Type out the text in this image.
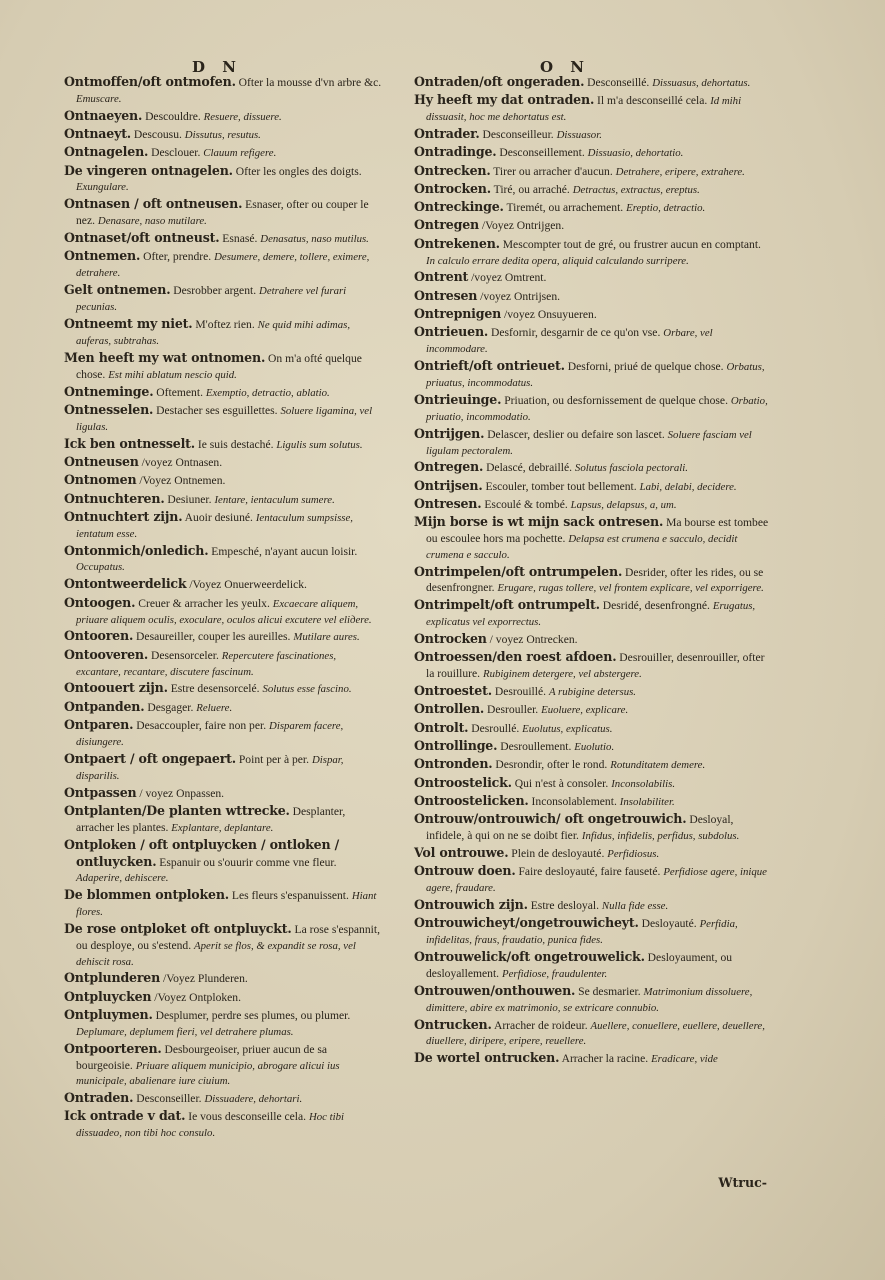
D N	O N

Ontmoffen/oft ontmofen. Ofter la mousse d'vn arbre &c. Emuscare.

Ontnaeyen. Descouldre. Resuere, dissuere.

Ontnaeyt. Descousu. Dissutus, resutus.

Ontnagelen. Desclouer. Clauum refigere.

De vingeren ontnagelen. Ofter les ongles des doigts. Exungulare.

Ontnasen / oft ontneusen. Esnaser, ofter ou couper le nez. Denasare, naso mutilare.

Ontnaset/oft ontneust. Esnasé. Denasatus, naso mutilus.

Ontnemen. Ofter, prendre. Desumere, demere, tollere, eximere, detrahere.

Gelt ontnemen. Desrobber argent. Detrahere vel furari pecunias.

Ontneemt my niet. M'oftez rien. Ne quid mihi adimas, auferas, subtrahas.

Men heeft my wat ontnomen. On m'a ofté quelque chose. Est mihi ablatum nescio quid.

Ontneminge. Oftement. Exemptio, detractio, ablatio.

Ontnesselen. Destacher ses esguillettes. Soluere ligamina, vel ligulas.

Ick ben ontnesselt. Ie suis destaché. Ligulis sum solutus.

Ontneusen /voyez Ontnasen.

Ontnomen /Voyez Ontnemen.

Ontnuchteren. Desiuner. Ientare, ientaculum sumere.

Ontnuchtert zijn. Auoir desiuné. Ientaculum sumpsisse, ientatum esse.

Ontonmich/onledich. Empesché, n'ayant aucun loisir. Occupatus.

Ontontweerdelick /Voyez Onuerweerdelick.

Ontoogen. Creuer & arracher les yeulx. Excaecare aliquem, priuare aliquem oculis, exoculare, oculos alicui excutere vel eliдere.

Ontooren. Desaureiller, couper les aureilles. Mutilare aures.

Ontooveren. Desensorceler. Repercutere fascinationes, excantare, recantare, discutere fascinum.

Ontoouert zijn. Estre desensorcelé. Solutus esse fascino.

Ontpanden. Desgager. Reluere.

Ontparen. Desaccoupler, faire non per. Disparem facere, disiungere.

Ontpaert / oft ongepaert. Point per à per. Dispar, disparilis.

Ontpassen / voyez Onpassen.

Ontplanten/De planten wttrecke. Desplanter, arracher les plantes. Explantare, deplantare.

Ontploken / oft ontpluycken / ontloken / ontluycken. Espanuir ou s'ouurir comme vne fleur. Adaperire, dehiscere.

De blommen ontploken. Les fleurs s'espanuissent. Hiant flores.

De rose ontploket oft ontpluyckt. La rose s'espannit, ou desployе, ou s'estend. Aperit se flos, & expandit se rosa, vel dehiscit rosa.

Ontplunderen /Voyez Plunderen.

Ontpluycken /Voyez Ontploken.

Ontpluymen. Desplumer, perdre ses plumes, ou plumer. Deplumare, deplumem fieri, vel detrahere plumas.

Ontpoorteren. Desbourgeoiser, priuer aucun de sa bourgeoisie. Priuare aliquem municipio, abrogare alicui ius municipale, abalienare iure ciuium.

Ontraden. Desconseiller. Dissuadere, dehortari.

Ick ontrade v dat. Ie vous desconseille cela. Hoc tibi dissuadeo, non tibi hoc consulo.

Ontraden/oft ongeraden. Desconseillé. Dissuasus, dehortatus.

Hy heeft my dat ontraden. Il m'a desconseillé cela. Id mihi dissuasit, hoc me dehortatus est.

Ontrader. Desconseilleur. Dissuasor.

Ontradinge. Desconseillement. Dissuasio, dehortatio.

Ontrecken. Tirer ou arracher d'aucun. Detrahere, eripere, extrahere.

Ontrocken. Tiré, ou arraché. Detractus, extractus, ereptus.

Ontreckinge. Tiremét, ou arrachement. Ereptio, detractio.

Ontregen /Voyez Ontrijgen.

Ontrekenen. Mescompter tout de gré, ou frustrer aucun en comptant. In calculo errare dedita opera, aliquid calculando surripere.

Ontrent /voyez Omtrent.

Ontresen /voyez Ontrijsen.

Ontrepnigen /voyez Onsuyueren.

Ontrieuen. Desfornir, desgarnir de ce qu'on vse. Orbare, vel incommodare.

Ontrieft/oft ontrieuet. Desforni, priué de quelque chose. Orbatus, priuatus, incommodatus.

Ontrieuinge. Priuation, ou desfornissement de quelque chose. Orbatio, priuatio, incommodatio.

Ontrijgen. Delascer, deslier ou defaire son lascet. Soluere fasciam vel ligulam pectoralem.

Ontregen. Delascé, debraillé. Solutus fasciola pectorali.

Ontrijsen. Escouler, tomber tout bellement. Labi, delabi, decidere.

Ontresen. Escoulé & tombé. Lapsus, delapsus, a, um.

Mijn borse is wt mijn sack ontresen. Ma bourse est tombee ou escoulee hors ma pochette. Delapsa est crumena e sacculo, decidit crumena e sacculo.

Ontrimpelen/oft ontrumpelen. Desrider, ofter les rides, ou se desenfrongner. Erugare, rugas tollere, vel frontem explicare, vel exporrigere.

Ontrimpelt/oft ontrumpelt. Desridé, desenfrongné. Erugatus, explicatus vel exporrectus.

Ontrocken / voyez Ontrecken.

Ontroessen/den roest afdoen. Desrouiller, desenrouiller, ofter la rouillure. Rubiginem detergere, vel abstergere.

Ontroestet. Desrouillé. A rubigine detersus.

Ontrollen. Desrouller. Euoluere, explicare.

Ontrolt. Desroullé. Euolutus, explicatus.

Ontrollinge. Desroullement. Euolutio.

Ontronden. Desrondir, ofter le rond. Rotunditatem demere.

Ontroostelick. Qui n'est à consoler. Inconsolabilis.

Ontroostelicken. Inconsolablement. Insolabiliter.

Ontrouw/ontrouwich/ oft ongetrouwich. Desloyal, infidele, à qui on ne se doibt fier. Infidus, infidelis, perfidus, subdolus.

Vol ontrouwe. Plein de desloyauté. Perfidiosus.

Ontrouw doen. Faire desloyauté, faire fauseté. Perfidiose agere, inique agere, fraudare.

Ontrouwich zijn. Estre desloyal. Nulla fide esse.

Ontrouwicheyt/ongetrouwicheyt. Desloyauté. Perfidia, infidelitas, fraus, fraudatio, punica fides.

Ontrouwelick/oft ongetrouwelick. Desloyaument, ou desloyallement. Perfidiose, fraudulenter.

Ontrouwen/onthouwen. Se desmarier. Matrimonium dissoluere, dimittere, abire ex matrimonio, se extricare connubio.

Ontrucken. Arracher de roideur. Auellere, conuellere, euellere, deuellere, diuellere, diripere, eripere, reuellere.

De wortel ontrucken. Arracher la racine. Eradicare, vide

Wtruc-
